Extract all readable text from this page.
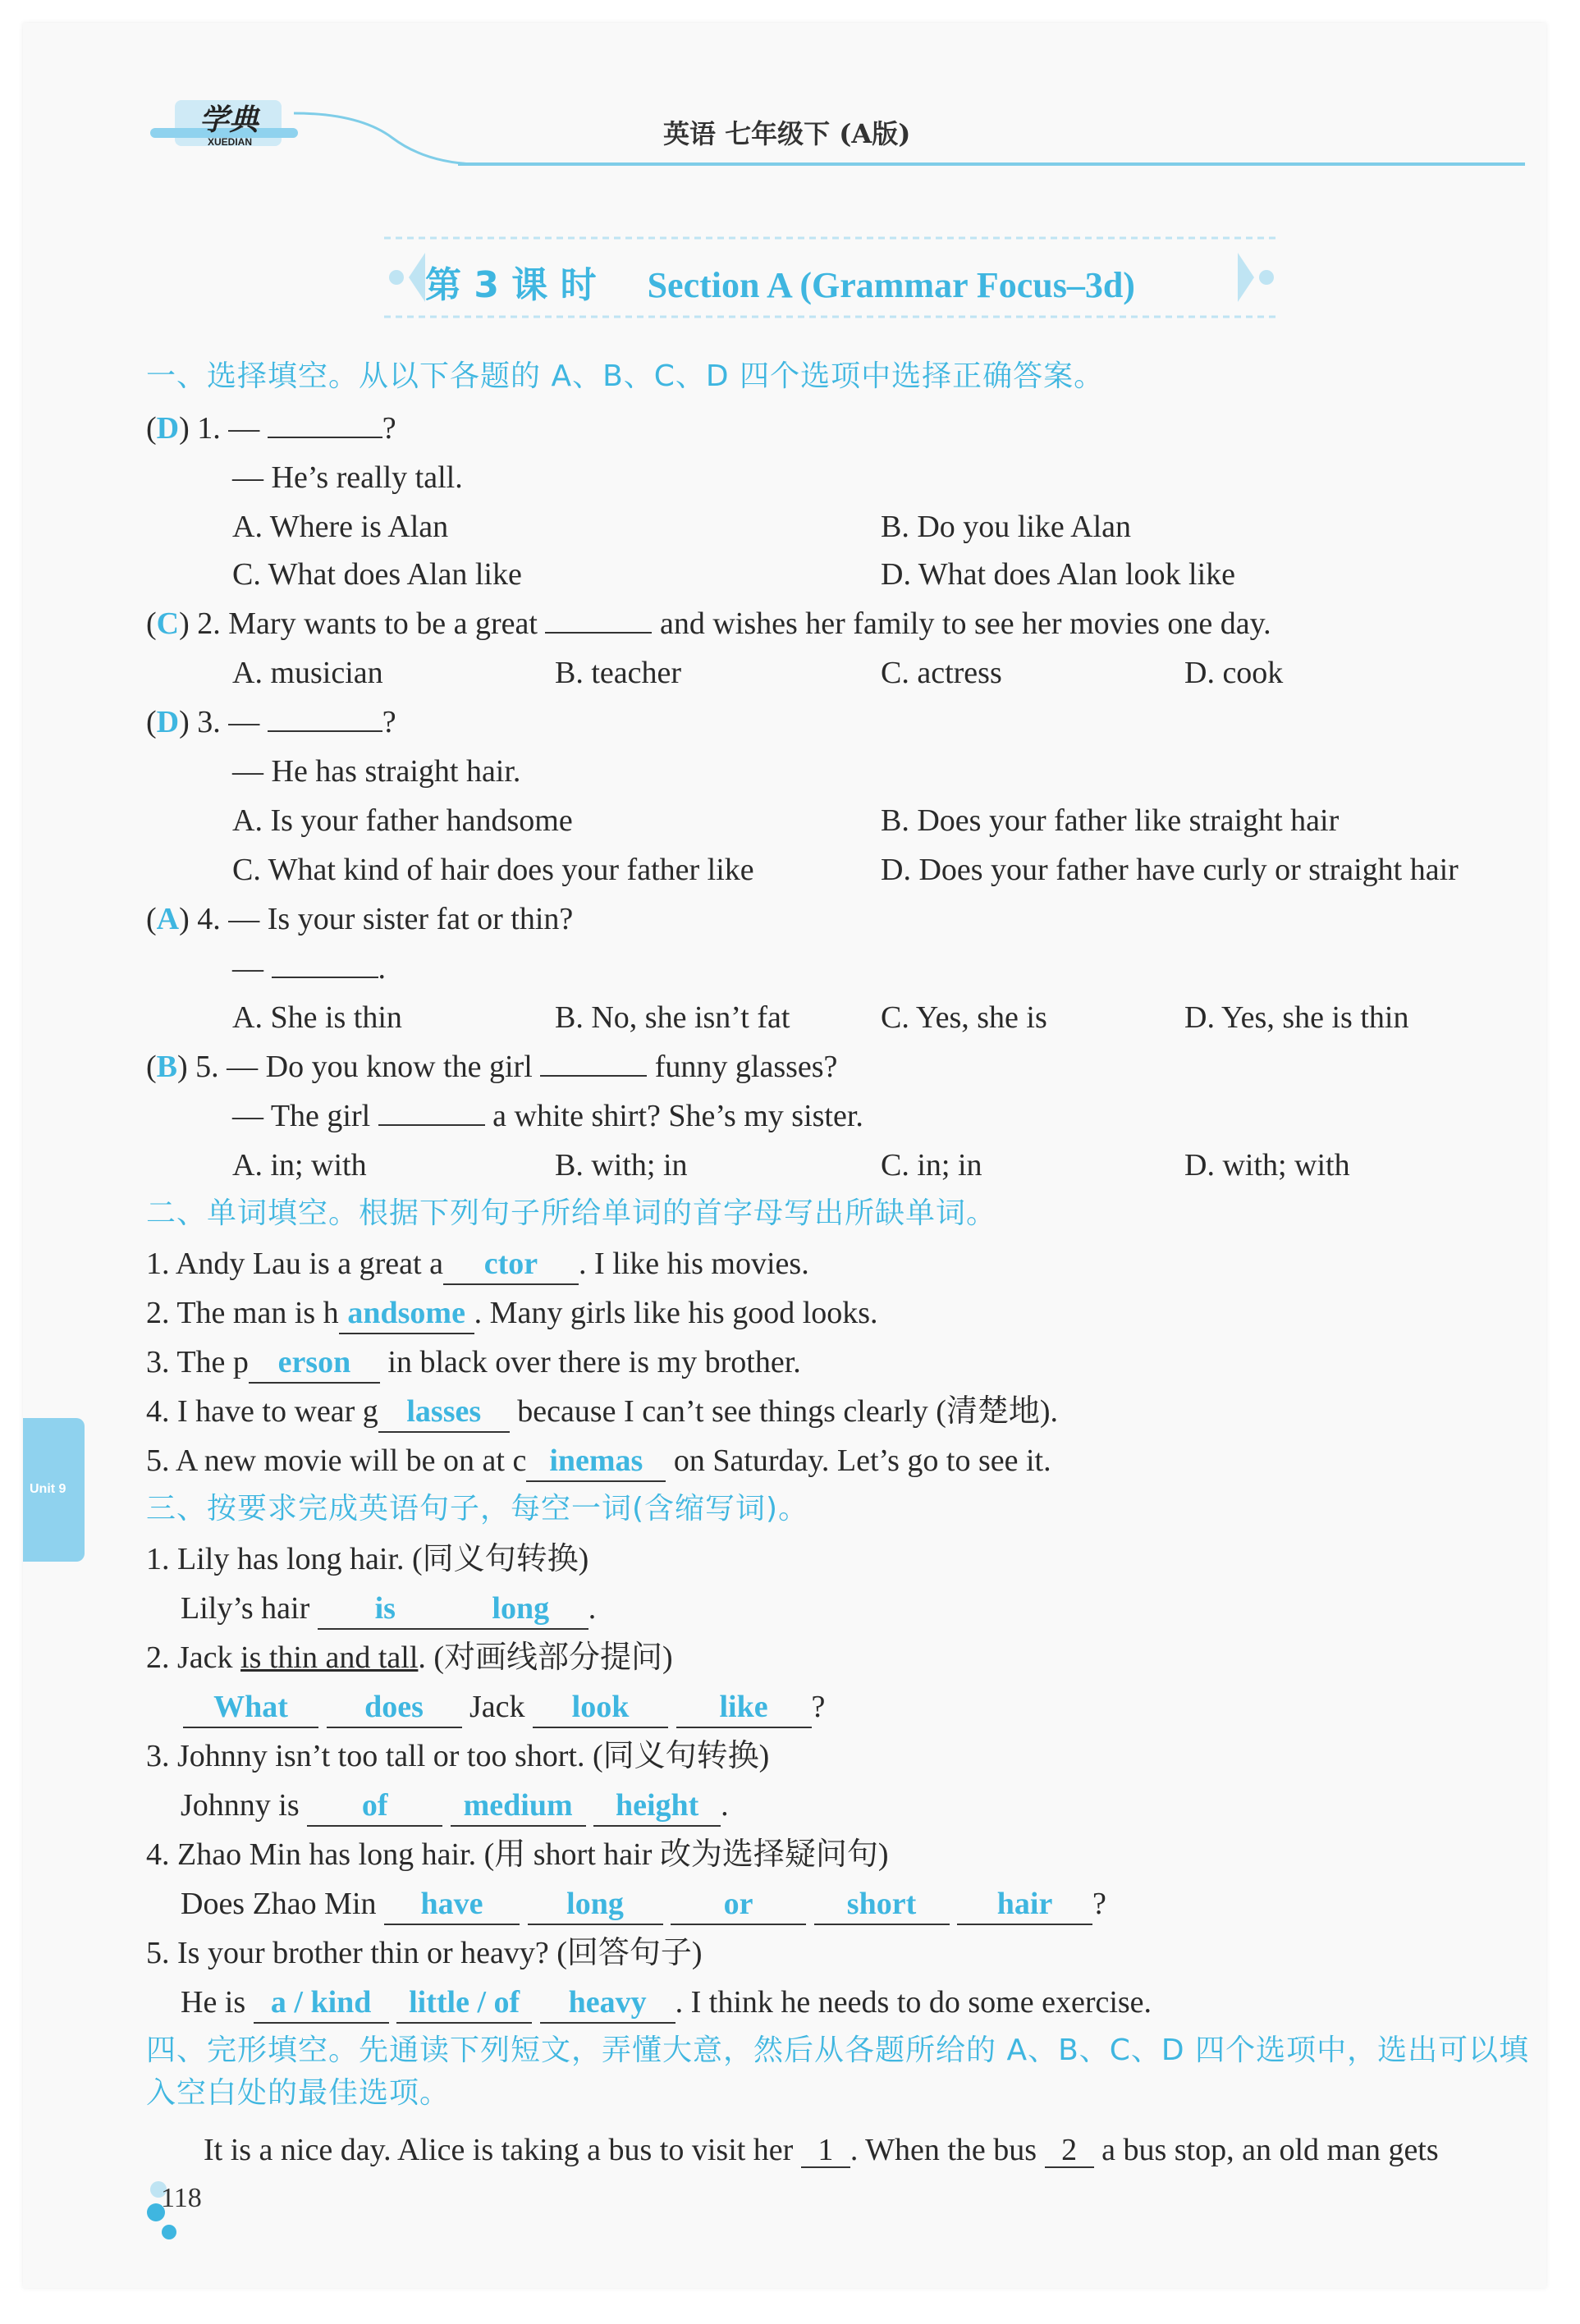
学典
XUEDIAN	英语 七年级下 (A版)
第 3 课 时 Section A (Grammar Focus–3d)
一、选择填空。从以下各题的 A、B、C、D 四个选项中选择正确答案。
(D) 1. —	?
— He’s really tall.
A. Where is Alan	B. Do you like Alan
C. What does Alan like	D. What does Alan look like
(C) 2. Mary wants to be a great	and wishes her family to see her movies one day.
A. musician	B. teacher	C. actress	D. cook
(D) 3. —	?
— He has straight hair.
A. Is your father handsome	B. Does your father like straight hair
C. What kind of hair does your father like	D. Does your father have curly or straight hair
(A) 4. — Is your sister fat or thin?
—	.
A. She is thin	B. No, she isn’t fat	C. Yes, she is	D. Yes, she is thin
(B) 5. — Do you know the girl	funny glasses?
— The girl	a white shirt? She’s my sister.
A. in; with	B. with; in	C. in; in	D. with; with
二、单词填空。根据下列句子所给单词的首字母写出所缺单词。
1. Andy Lau is a great a ctor . I like his movies.
2. The man is h andsome . Many girls like his good looks.
3. The p erson in black over there is my brother.
4. I have to wear g lasses because I can’t see things clearly (清楚地).
5. A new movie will be on at c inemas on Saturday. Let’s go to see it.
Unit 9
三、按要求完成英语句子，每空一词(含缩写词)。
1. Lily has long hair. (同义句转换)
Lily’s hair is	long .
2. Jack is thin and tall. (对画线部分提问)
What does Jack look	like ?
3. Johnny isn’t too tall or too short. (同义句转换)
Johnny is of medium height .
4. Zhao Min has long hair. (用 short hair 改为选择疑问句)
Does Zhao Min have	long	or	short	hair ?
5. Is your brother thin or heavy? (回答句子)
He is a / kind little / of heavy . I think he needs to do some exercise.
四、完形填空。先通读下列短文，弄懂大意，然后从各题所给的 A、B、C、D 四个选项中，选出可以填
入空白处的最佳选项。
It is a nice day. Alice is taking a bus to visit her 1 . When the bus 2 a bus stop, an old man gets
118
